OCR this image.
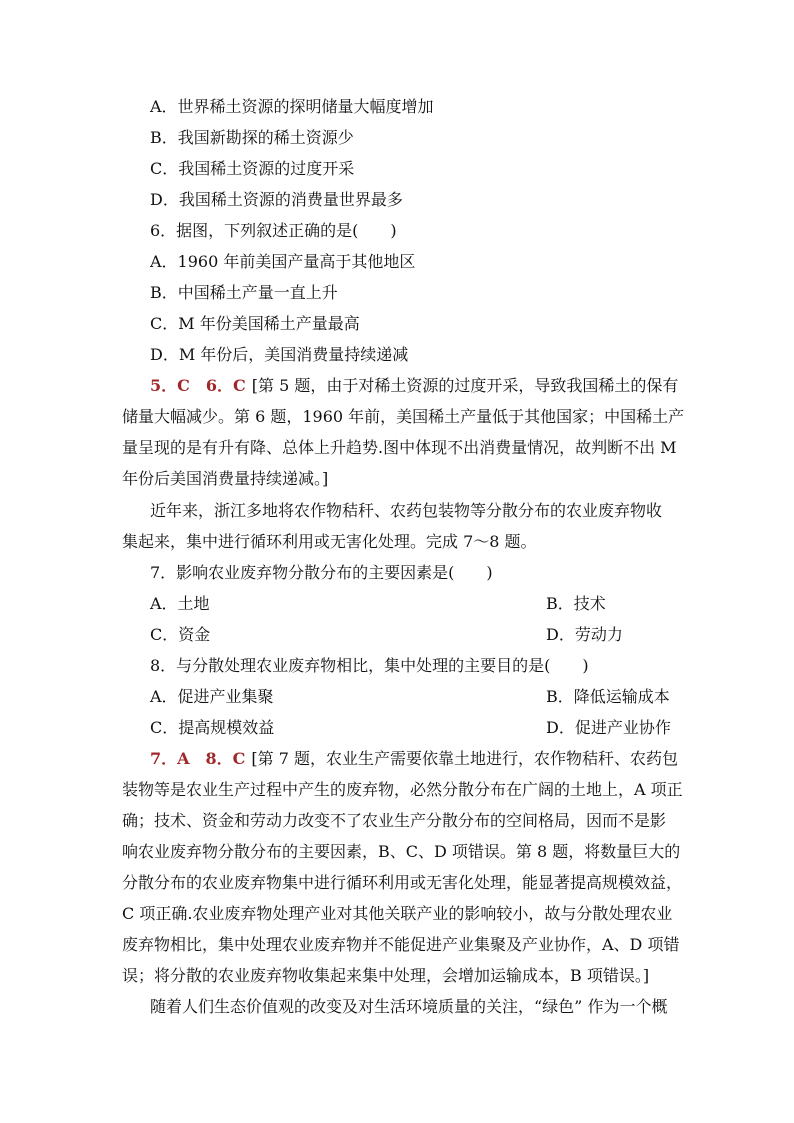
A．世界稀土资源的探明储量大幅度增加
B．我国新勘探的稀土资源少
C．我国稀土资源的过度开采
D．我国稀土资源的消费量世界最多
6．据图，下列叙述正确的是(　　)
A．1960 年前美国产量高于其他地区
B．中国稀土产量一直上升
C．M 年份美国稀土产量最高
D．M 年份后，美国消费量持续递减
5．C　6．C [第 5 题，由于对稀土资源的过度开采，导致我国稀土的保有
储量大幅减少。第 6 题，1960 年前，美国稀土产量低于其他国家；中国稀土产
量呈现的是有升有降、总体上升趋势.图中体现不出消费量情况，故判断不出 M
年份后美国消费量持续递减。]
近年来，浙江多地将农作物秸秆、农药包装物等分散分布的农业废弃物收
集起来，集中进行循环利用或无害化处理。完成 7～8 题。
7．影响农业废弃物分散分布的主要因素是(　　)
A．土地	B．技术
C．资金	D．劳动力
8．与分散处理农业废弃物相比，集中处理的主要目的是(　　)
A．促进产业集聚	B．降低运输成本
C．提高规模效益	D．促进产业协作
7．A　8．C [第 7 题，农业生产需要依靠土地进行，农作物秸秆、农药包
装物等是农业生产过程中产生的废弃物，必然分散分布在广阔的土地上，A 项正
确；技术、资金和劳动力改变不了农业生产分散分布的空间格局，因而不是影
响农业废弃物分散分布的主要因素，B、C、D 项错误。第 8 题，将数量巨大的
分散分布的农业废弃物集中进行循环利用或无害化处理，能显著提高规模效益，
C 项正确.农业废弃物处理产业对其他关联产业的影响较小，故与分散处理农业
废弃物相比，集中处理农业废弃物并不能促进产业集聚及产业协作，A、D 项错
误；将分散的农业废弃物收集起来集中处理，会增加运输成本，B 项错误。]
随着人们生态价值观的改变及对生活环境质量的关注，“绿色” 作为一个概
